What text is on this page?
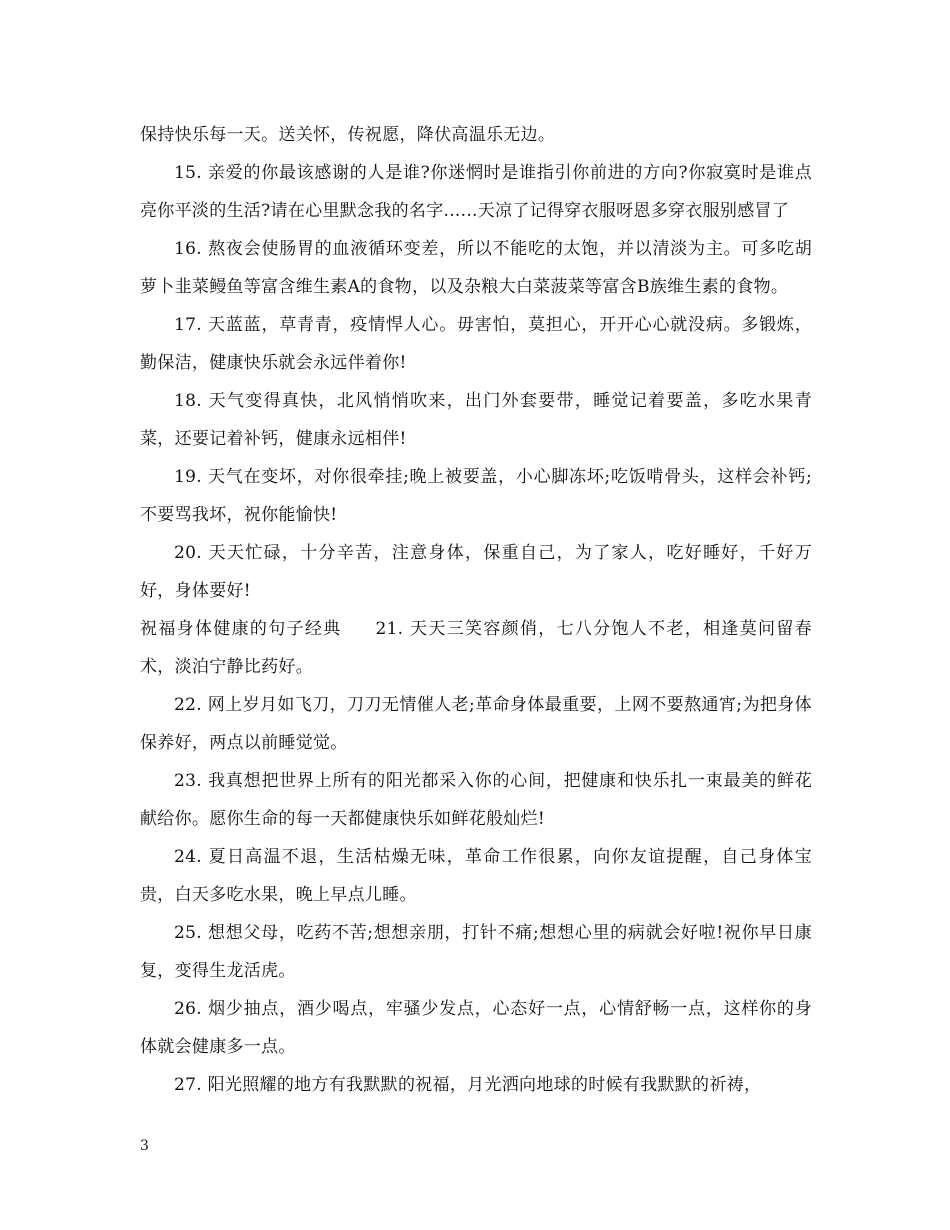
保持快乐每一天。送关怀，传祝愿，降伏高温乐无边。

15. 亲爱的你最该感谢的人是谁?你迷惘时是谁指引你前进的方向?你寂寞时是谁点亮你平淡的生活?请在心里默念我的名字......天凉了记得穿衣服呀恩多穿衣服别感冒了

16. 熬夜会使肠胃的血液循环变差，所以不能吃的太饱，并以清淡为主。可多吃胡萝卜韭菜鳗鱼等富含维生素A的食物，以及杂粮大白菜菠菜等富含B族维生素的食物。

17. 天蓝蓝，草青青，疫情悍人心。毋害怕，莫担心，开开心心就没病。多锻炼，勤保洁，健康快乐就会永远伴着你!

18. 天气变得真快，北风悄悄吹来，出门外套要带，睡觉记着要盖，多吃水果青菜，还要记着补钙，健康永远相伴!

19. 天气在变坏，对你很牵挂;晚上被要盖，小心脚冻坏;吃饭啃骨头，这样会补钙;不要骂我坏，祝你能愉快!

20. 天天忙碌，十分辛苦，注意身体，保重自己，为了家人，吃好睡好，千好万好，身体要好!

祝福身体健康的句子经典 21. 天天三笑容颜俏，七八分饱人不老，相逢莫问留春术，淡泊宁静比药好。

22. 网上岁月如飞刀，刀刀无情催人老;革命身体最重要，上网不要熬通宵;为把身体保养好，两点以前睡觉觉。

23. 我真想把世界上所有的阳光都采入你的心间，把健康和快乐扎一束最美的鲜花献给你。愿你生命的每一天都健康快乐如鲜花般灿烂!

24. 夏日高温不退，生活枯燥无味，革命工作很累，向你友谊提醒，自己身体宝贵，白天多吃水果，晚上早点儿睡。

25. 想想父母，吃药不苦;想想亲朋，打针不痛;想想心里的病就会好啦!祝你早日康复，变得生龙活虎。

26. 烟少抽点，酒少喝点，牢骚少发点，心态好一点，心情舒畅一点，这样你的身体就会健康多一点。

27. 阳光照耀的地方有我默默的祝福，月光洒向地球的时候有我默默的祈祷，

3
